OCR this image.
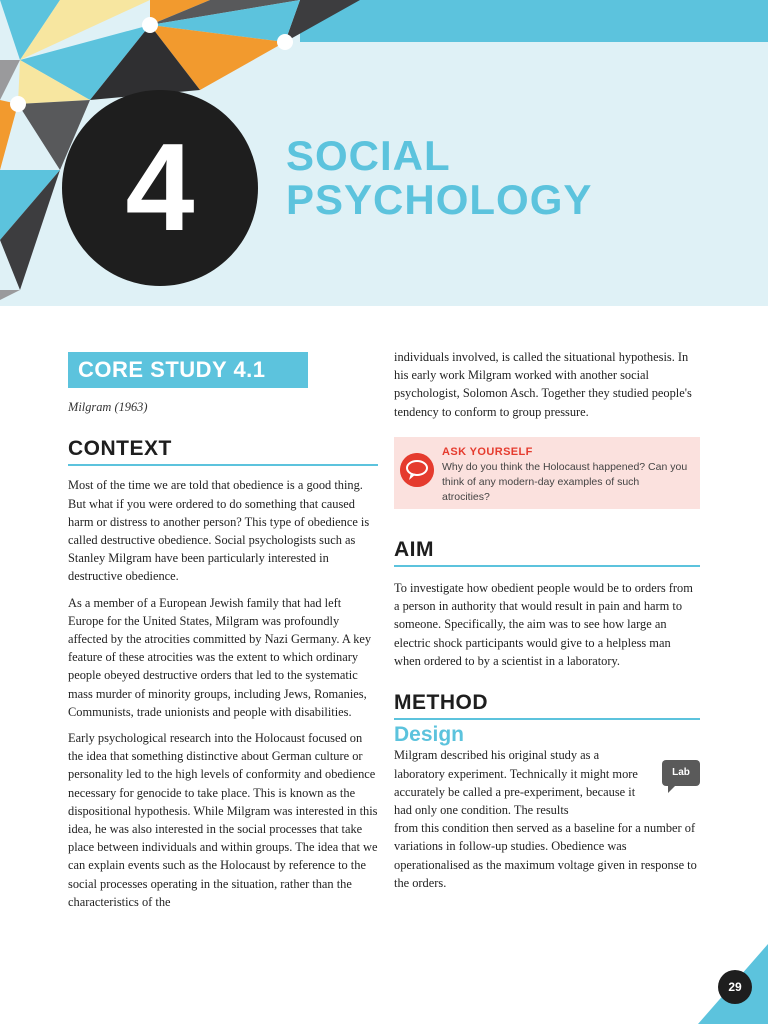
4	SOCIAL
PSYCHOLOGY
CORE STUDY 4.1
Milgram (1963)
CONTEXT

Most of the time we are told that obedience is a good thing. But what if you were ordered to do something that caused harm or distress to another person? This type of obedience is called destructive obedience. Social psychologists such as Stanley Milgram have been particularly interested in destructive obedience.

As a member of a European Jewish family that had left Europe for the United States, Milgram was profoundly affected by the atrocities committed by Nazi Germany. A key feature of these atrocities was the extent to which ordinary people obeyed destructive orders that led to the systematic mass murder of minority groups, including Jews, Romanies, Communists, trade unionists and people with disabilities.

Early psychological research into the Holocaust focused on the idea that something distinctive about German culture or personality led to the high levels of conformity and obedience necessary for genocide to take place. This is known as the dispositional hypothesis. While Milgram was interested in this idea, he was also interested in the social processes that take place between individuals and within groups. The idea that we can explain events such as the Holocaust by reference to the social processes operating in the situation, rather than the characteristics of the

individuals involved, is called the situational hypothesis. In his early work Milgram worked with another social psychologist, Solomon Asch. Together they studied people's tendency to conform to group pressure.

ASK YOURSELF
Why do you think the Holocaust happened? Can you think of any modern-day examples of such atrocities?
AIM

To investigate how obedient people would be to orders from a person in authority that would result in pain and harm to someone. Specifically, the aim was to see how large an electric shock participants would give to a helpless man when ordered to by a scientist in a laboratory.

METHOD
Design
Lab

Milgram described his original study as a laboratory experiment. Technically it might more accurately be called a pre-experiment, because it had only one condition. The results

from this condition then served as a baseline for a number of variations in follow-up studies. Obedience was operationalised as the maximum voltage given in response to the orders.

29
